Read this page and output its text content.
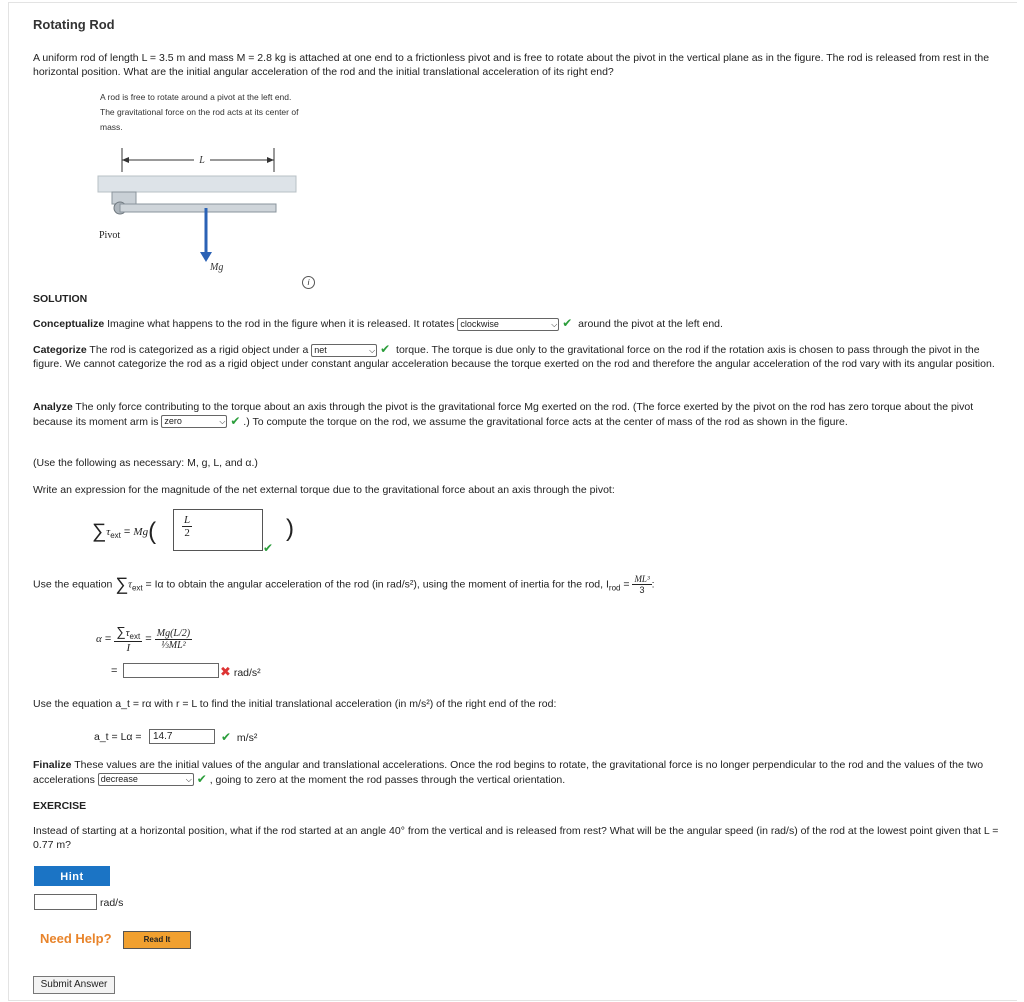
Rotating Rod
A uniform rod of length L = 3.5 m and mass M = 2.8 kg is attached at one end to a frictionless pivot and is free to rotate about the pivot in the vertical plane as in the figure. The rod is released from rest in the horizontal position. What are the initial angular acceleration of the rod and the initial translational acceleration of its right end?
A rod is free to rotate around a pivot at the left end. The gravitational force on the rod acts at its center of mass.
L
Mg⃗
Pivot
i
SOLUTION
Conceptualize Imagine what happens to the rod in the figure when it is released. It rotates clockwise	⌵ ✔ around the pivot at the left end.
Categorize The rod is categorized as a rigid object under a net	⌵ ✔ torque. The torque is due only to the gravitational force on the rod if the rotation axis is chosen to pass through the pivot in the figure. We cannot categorize the rod as a rigid object under constant angular acceleration because the torque exerted on the rod and therefore the angular acceleration of the rod vary with its angular position.
Analyze The only force contributing to the torque about an axis through the pivot is the gravitational force Mg exerted on the rod. (The force exerted by the pivot on the rod has zero torque about the pivot because its moment arm is zero	⌵ ✔ .) To compute the torque on the rod, we assume the gravitational force acts at the center of mass of the rod as shown in the figure.
(Use the following as necessary: M, g, L, and α.)
Write an expression for the magnitude of the net external torque due to the gravitational force about an axis through the pivot:
$\sum\tau_{ext} = Mg( \frac{L}{2}$	)
✔
Use the equation $\sum\tau_{ext} = I\alpha$ to obtain the angular acceleration of the rod (in rad/s²), using the moment of inertia for the rod, $I_{rod} = \frac{\text{ML³}}{3}$ :
$\alpha = \frac{\sum\tau_{ext}}{I} = \frac{Mg(L/2)}{\text{⅓ML²}}$
=	✖ rad/s²
Use the equation a_t = rα with r = L to find the initial translational acceleration (in m/s²) of the right end of the rod:
a_t = Lα =	14.7	✔ m/s²
Finalize These values are the initial values of the angular and translational accelerations. Once the rod begins to rotate, the gravitational force is no longer perpendicular to the rod and the values of the two accelerations decrease	⌵ ✔ , going to zero at the moment the rod passes through the vertical orientation.
EXERCISE
Instead of starting at a horizontal position, what if the rod started at an angle 40° from the vertical and is released from rest? What will be the angular speed (in rad/s) of the rod at the lowest point given that L = 0.77 m?
Hint
rad/s
Need Help?	Read It
Submit Answer
